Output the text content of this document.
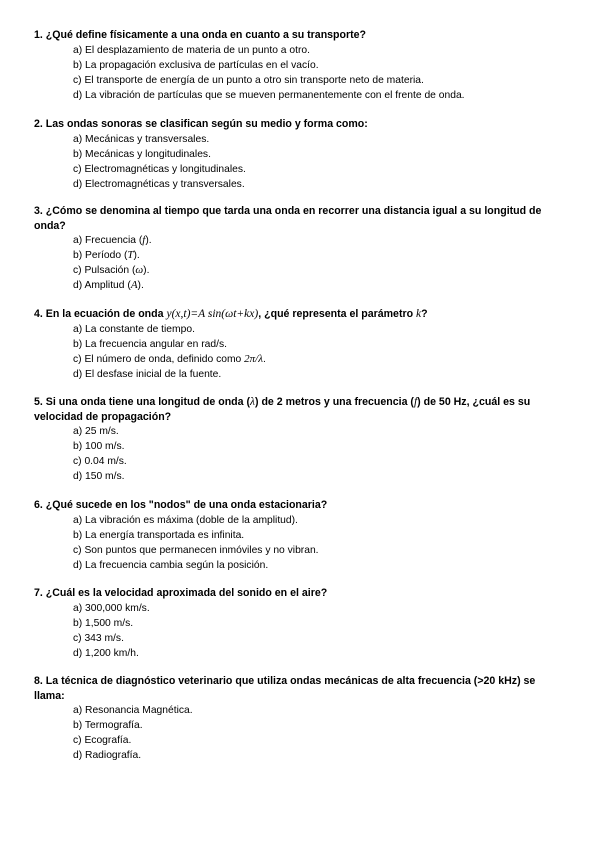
1. ¿Qué define físicamente a una onda en cuanto a su transporte?

a) El desplazamiento de materia de un punto a otro.
b) La propagación exclusiva de partículas en el vacío.
c) El transporte de energía de un punto a otro sin transporte neto de materia.
d) La vibración de partículas que se mueven permanentemente con el frente de onda.

2. Las ondas sonoras se clasifican según su medio y forma como:

a) Mecánicas y transversales.
b) Mecánicas y longitudinales.
c) Electromagnéticas y longitudinales.
d) Electromagnéticas y transversales.

3. ¿Cómo se denomina al tiempo que tarda una onda en recorrer una distancia igual a su longitud de onda?

a) Frecuencia (f).
b) Período (T).
c) Pulsación (ω).
d) Amplitud (A).

4. En la ecuación de onda y(x,t)=A sin(ωt+kx), ¿qué representa el parámetro k?

a) La constante de tiempo.
b) La frecuencia angular en rad/s.
c) El número de onda, definido como 2π/λ.
d) El desfase inicial de la fuente.

5. Si una onda tiene una longitud de onda (λ) de 2 metros y una frecuencia (f) de 50 Hz, ¿cuál es su velocidad de propagación?

a) 25 m/s.
b) 100 m/s.
c) 0.04 m/s.
d) 150 m/s.

6. ¿Qué sucede en los "nodos" de una onda estacionaria?

a) La vibración es máxima (doble de la amplitud).
b) La energía transportada es infinita.
c) Son puntos que permanecen inmóviles y no vibran.
d) La frecuencia cambia según la posición.

7. ¿Cuál es la velocidad aproximada del sonido en el aire?

a) 300,000 km/s.
b) 1,500 m/s.
c) 343 m/s.
d) 1,200 km/h.

8. La técnica de diagnóstico veterinario que utiliza ondas mecánicas de alta frecuencia (>20 kHz) se llama:

a) Resonancia Magnética.
b) Termografía.
c) Ecografía.
d) Radiografía.
